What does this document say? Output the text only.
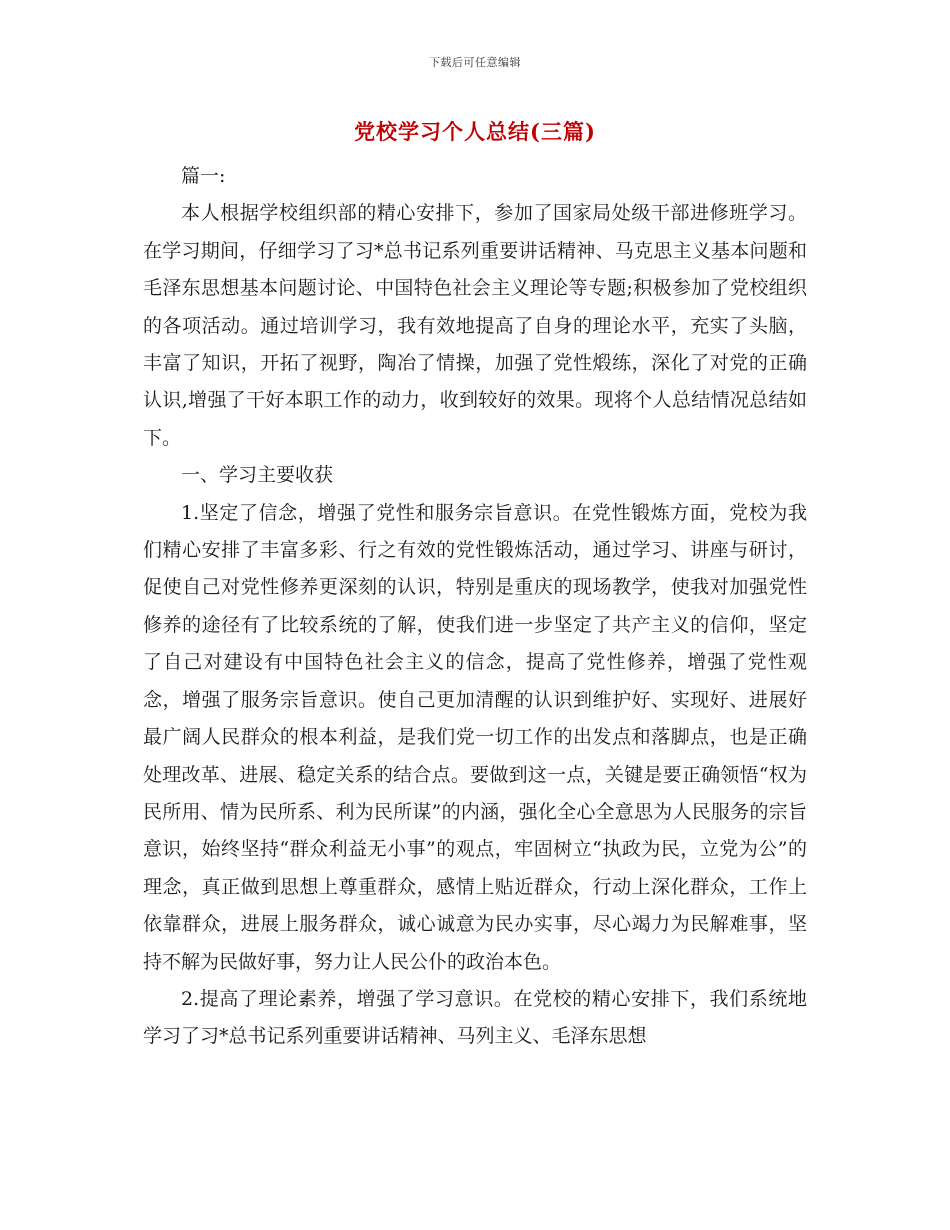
下载后可任意编辑
党校学习个人总结(三篇)

篇一:

本人根据学校组织部的精心安排下，参加了国家局处级干部进修班学习。在学习期间，仔细学习了习*总书记系列重要讲话精神、马克思主义基本问题和毛泽东思想基本问题讨论、中国特色社会主义理论等专题;积极参加了党校组织的各项活动。通过培训学习，我有效地提高了自身的理论水平，充实了头脑，丰富了知识，开拓了视野，陶冶了情操，加强了党性煅练，深化了对党的正确认识,增强了干好本职工作的动力，收到较好的效果。现将个人总结情况总结如下。

一、学习主要收获

1.坚定了信念，增强了党性和服务宗旨意识。在党性锻炼方面，党校为我们精心安排了丰富多彩、行之有效的党性锻炼活动，通过学习、讲座与研讨，促使自己对党性修养更深刻的认识，特别是重庆的现场教学，使我对加强党性修养的途径有了比较系统的了解，使我们进一步坚定了共产主义的信仰，坚定了自己对建设有中国特色社会主义的信念，提高了党性修养，增强了党性观念，增强了服务宗旨意识。使自己更加清醒的认识到维护好、实现好、进展好最广阔人民群众的根本利益，是我们党一切工作的出发点和落脚点，也是正确处理改革、进展、稳定关系的结合点。要做到这一点，关键是要正确领悟“权为民所用、情为民所系、利为民所谋”的内涵，强化全心全意思为人民服务的宗旨意识，始终坚持“群众利益无小事”的观点，牢固树立“执政为民，立党为公”的理念，真正做到思想上尊重群众，感情上贴近群众，行动上深化群众，工作上依靠群众，进展上服务群众，诚心诚意为民办实事，尽心竭力为民解难事，坚持不解为民做好事，努力让人民公仆的政治本色。

2.提高了理论素养，增强了学习意识。在党校的精心安排下，我们系统地学习了习*总书记系列重要讲话精神、马列主义、毛泽东思想
